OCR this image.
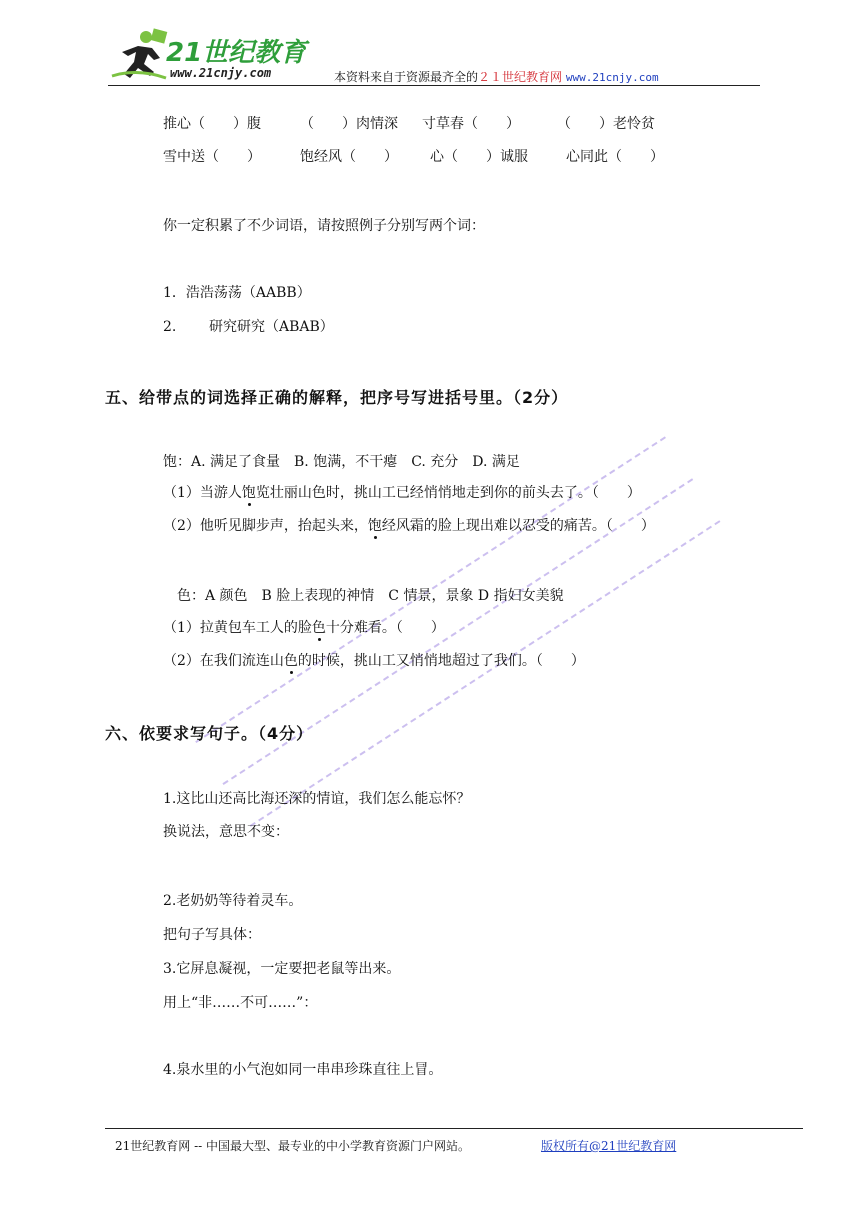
21世纪教育
www.21cnjy.com	本资料来自于资源最齐全的２１世纪教育网 www.21cnjy.com
推心（　　）腹	（　　）肉情深 寸草春（　　）	（　　）老怜贫
雪中送（　　）	饱经风（　　） 心（　　）诚服	心同此（　　）
你一定积累了不少词语，请按照例子分别写两个词：
1．浩浩荡荡（AABB）
2. 研究研究（ABAB）
五、给带点的词选择正确的解释，把序号写进括号里。（2分）
饱：A. 满足了食量　B. 饱满，不干瘪　C. 充分　D. 满足
（1）当游人饱览壮丽山色时，挑山工已经悄悄地走到你的前头去了。（　　）
（2）他听见脚步声，抬起头来，饱经风霜的脸上现出难以忍受的痛苦。（　　）
色：A 颜色　B 脸上表现的神情　C 情景，景象 D 指妇女美貌
（1）拉黄包车工人的脸色十分难看。（　　）
（2）在我们流连山色的时候，挑山工又悄悄地超过了我们。（　　）
六、依要求写句子。（4分）
1.这比山还高比海还深的情谊，我们怎么能忘怀？
换说法，意思不变：
2.老奶奶等待着灵车。
把句子写具体：
3.它屏息凝视，一定要把老鼠等出来。
用上“非……不可……”：
4.泉水里的小气泡如同一串串珍珠直往上冒。
21世纪教育网 -- 中国最大型、最专业的中小学教育资源门户网站。	版权所有@21世纪教育网
